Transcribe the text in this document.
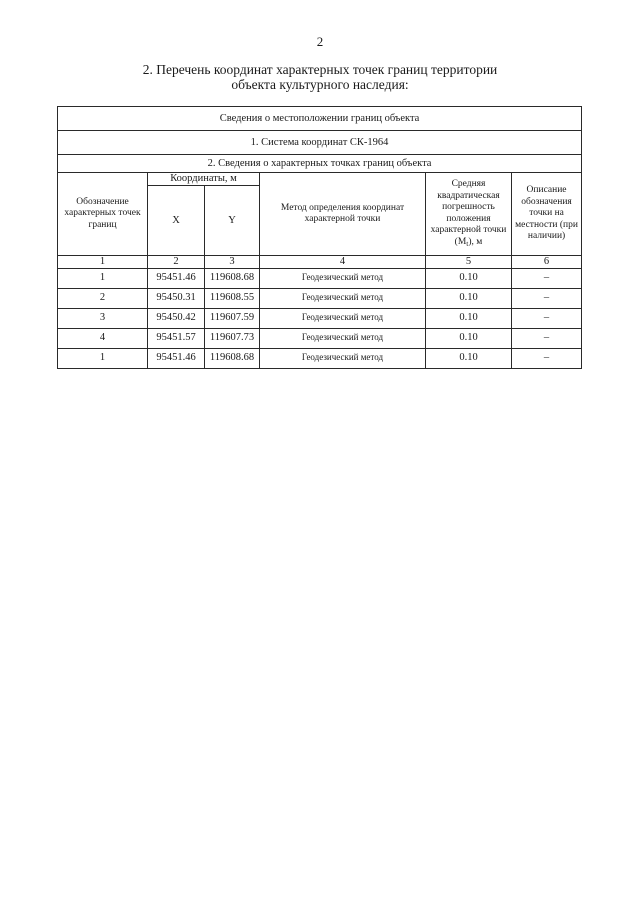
2
2. Перечень координат характерных точек границ территории
объекта культурного наследия:
Сведения о местоположении границ объекта					
1. Система координат СК-1964					
2. Сведения о характерных точках границ объекта					
Обозначение характерных точек границ	Координаты, м		Метод определения координат характерной точки	Средняя квадратическая погрешность положения характерной точки $(M_t)$, м	Описание обозначения точки на местности (при наличии)
	X	Y			
1	2	3	4	5	6
1	95451.46	119608.68	Геодезический метод	0.10	–
2	95450.31	119608.55	Геодезический метод	0.10	–
3	95450.42	119607.59	Геодезический метод	0.10	–
4	95451.57	119607.73	Геодезический метод	0.10	–
1	95451.46	119608.68	Геодезический метод	0.10	–
